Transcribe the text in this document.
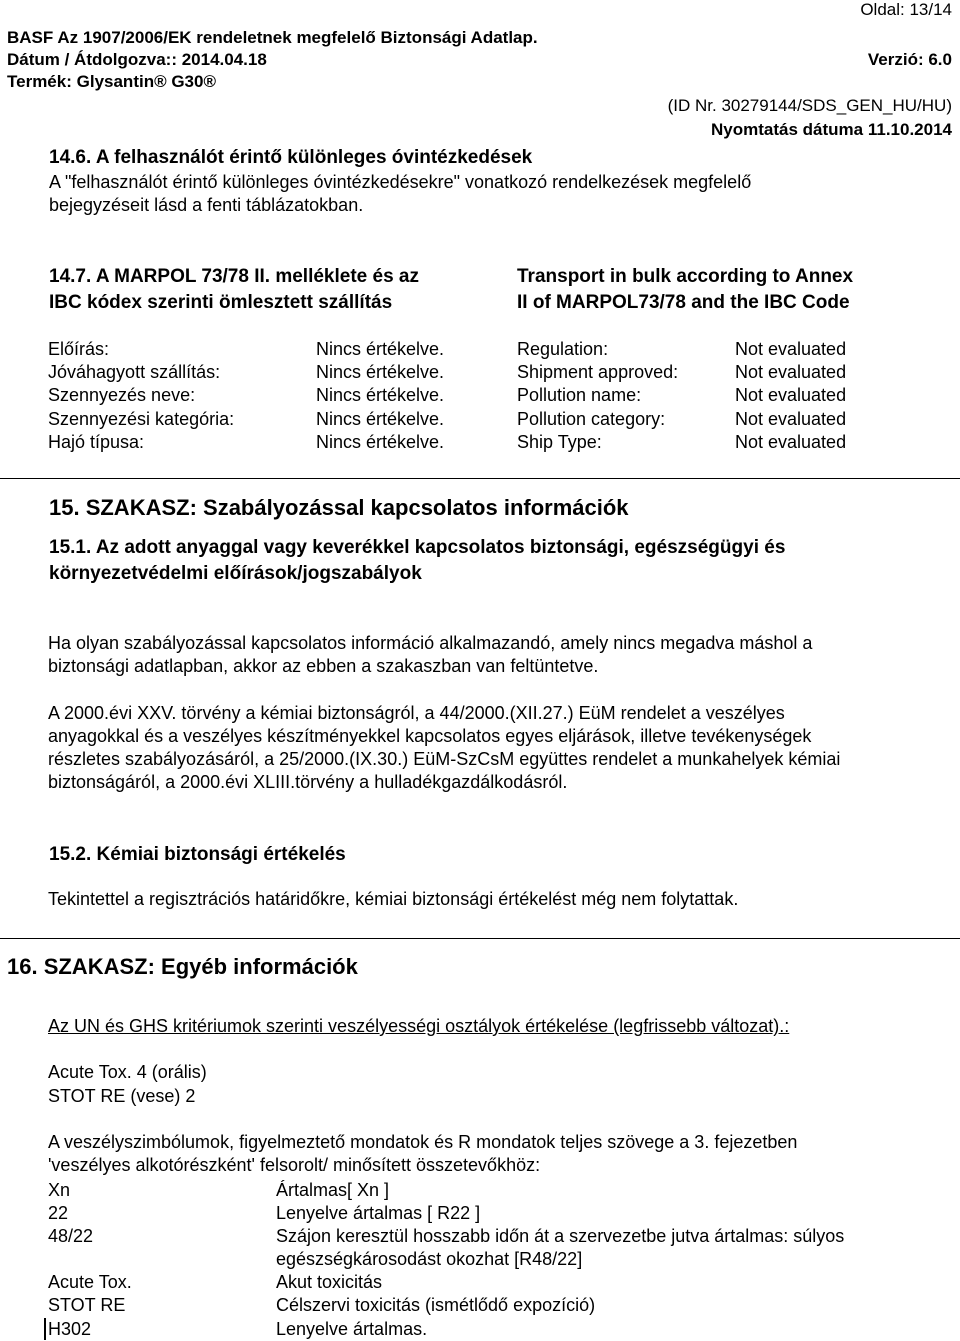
Oldal: 13/14
BASF Az 1907/2006/EK rendeletnek megfelelő Biztonsági Adatlap.
Dátum / Átdolgozva:: 2014.04.18	Verzió: 6.0
Termék: Glysantin® G30®
(ID Nr. 30279144/SDS_GEN_HU/HU)
Nyomtatás dátuma 11.10.2014
14.6. A felhasználót érintő különleges óvintézkedések
A "felhasználót érintő különleges óvintézkedésekre" vonatkozó rendelkezések megfelelő
bejegyzéseit lásd a fenti táblázatokban.
14.7. A MARPOL 73/78 II. melléklete és az
IBC kódex szerinti ömlesztett szállítás
Transport in bulk according to Annex
II of MARPOL73/78 and the IBC Code
Előírás:	Nincs értékelve.	Regulation:	Not evaluated
Jóváhagyott szállítás:	Nincs értékelve.	Shipment approved:	Not evaluated
Szennyezés neve:	Nincs értékelve.	Pollution name:	Not evaluated
Szennyezési kategória:	Nincs értékelve.	Pollution category:	Not evaluated
Hajó típusa:	Nincs értékelve.	Ship Type:	Not evaluated
15. SZAKASZ: Szabályozással kapcsolatos információk
15.1. Az adott anyaggal vagy keverékkel kapcsolatos biztonsági, egészségügyi és
környezetvédelmi előírások/jogszabályok
Ha olyan szabályozással kapcsolatos információ alkalmazandó, amely nincs megadva máshol a
biztonsági adatlapban, akkor az ebben a szakaszban van feltüntetve.
A 2000.évi XXV. törvény a kémiai biztonságról, a 44/2000.(XII.27.) EüM rendelet a veszélyes
anyagokkal és a veszélyes készítményekkel kapcsolatos egyes eljárások, illetve tevékenységek
részletes szabályozásáról, a 25/2000.(IX.30.) EüM-SzCsM együttes rendelet a munkahelyek kémiai
biztonságáról, a 2000.évi XLIII.törvény a hulladékgazdálkodásról.
15.2. Kémiai biztonsági értékelés
Tekintettel a regisztrációs határidőkre, kémiai biztonsági értékelést még nem folytattak.
16. SZAKASZ: Egyéb információk
Az UN és GHS kritériumok szerinti veszélyességi osztályok értékelése (legfrissebb változat).:
Acute Tox. 4 (orális)
STOT RE (vese) 2
A veszélyszimbólumok, figyelmeztető mondatok és R mondatok teljes szövege a 3. fejezetben
'veszélyes alkotórészként' felsorolt/ minősített összetevőkhöz:
Xn	Ártalmas[ Xn ]
22	Lenyelve ártalmas [ R22 ]
48/22	Szájon keresztül hosszabb időn át a szervezetbe jutva ártalmas: súlyos
egészségkárosodást okozhat [R48/22]
Acute Tox.	Akut toxicitás
STOT RE	Célszervi toxicitás (ismétlődő expozíció)
H302	Lenyelve ártalmas.
